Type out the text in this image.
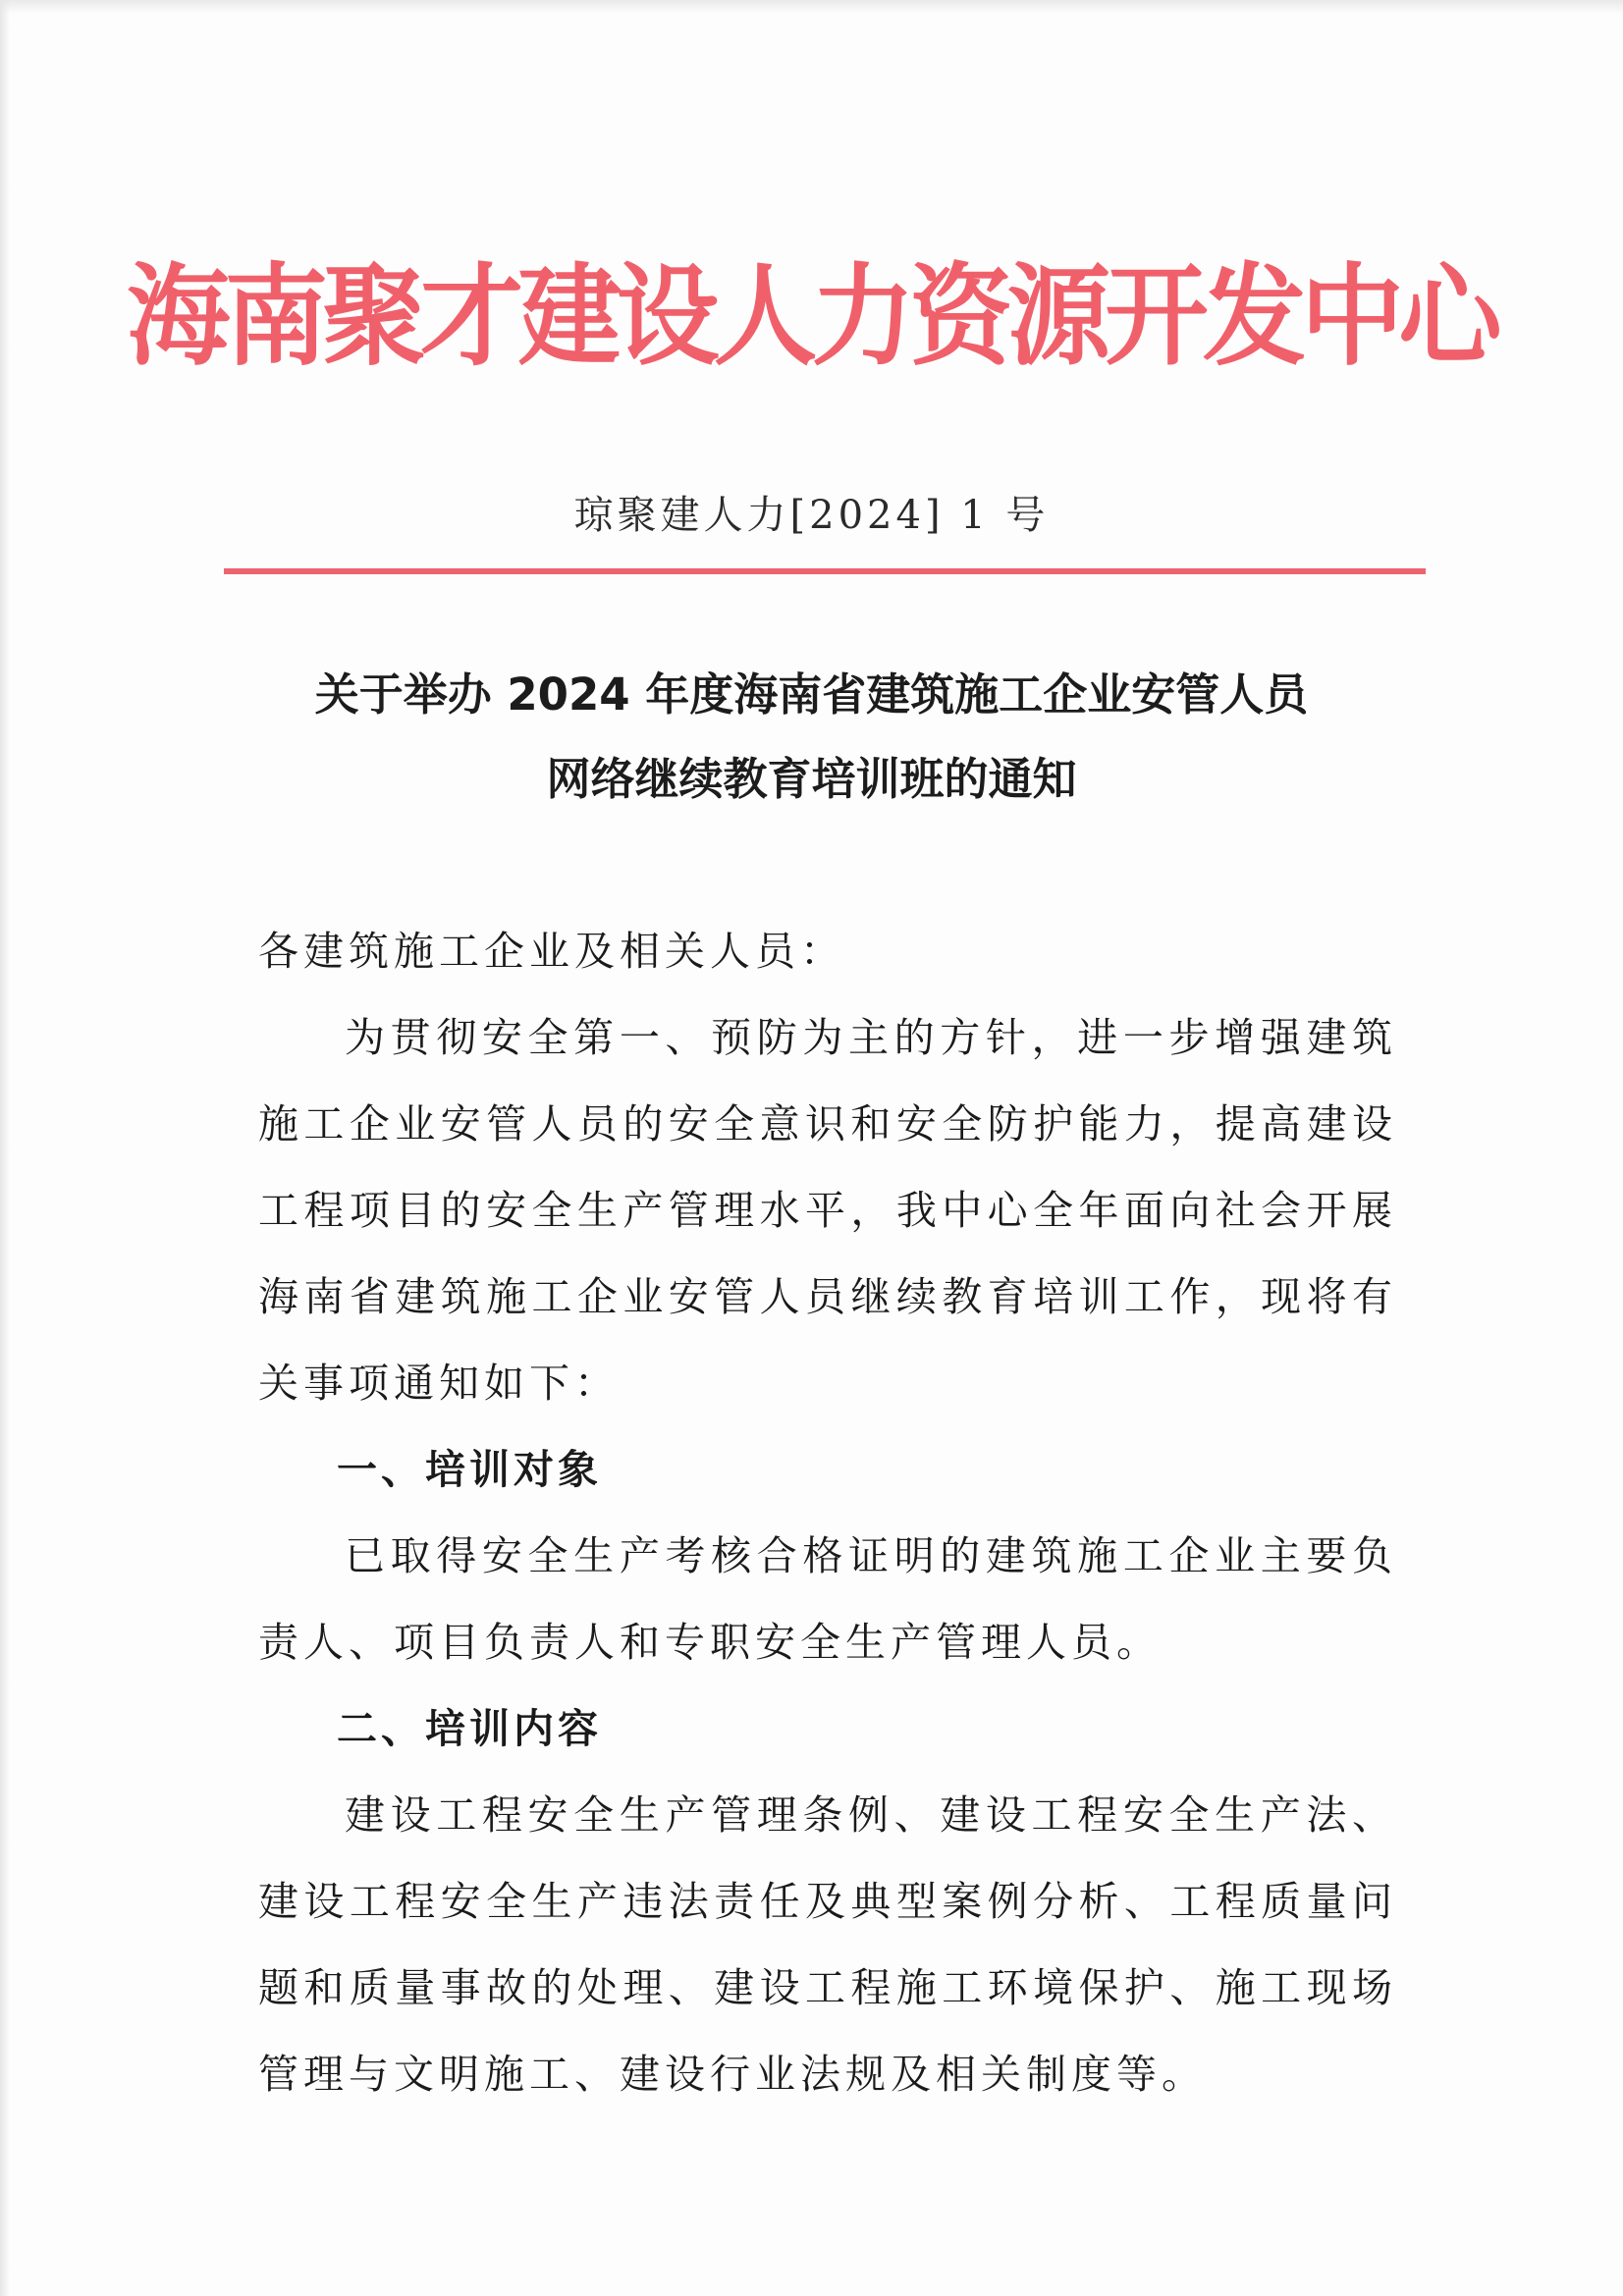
海南聚才建设人力资源开发中心
琼聚建人力[2024] 1 号
关于举办 2024 年度海南省建筑施工企业安管人员
网络继续教育培训班的通知

各建筑施工企业及相关人员：

为贯彻安全第一、预防为主的方针，进一步增强建筑施工企业安管人员的安全意识和安全防护能力，提高建设工程项目的安全生产管理水平，我中心全年面向社会开展海南省建筑施工企业安管人员继续教育培训工作，现将有关事项通知如下：

一、培训对象

已取得安全生产考核合格证明的建筑施工企业主要负责人、项目负责人和专职安全生产管理人员。

二、培训内容

建设工程安全生产管理条例、建设工程安全生产法、建设工程安全生产违法责任及典型案例分析、工程质量问题和质量事故的处理、建设工程施工环境保护、施工现场管理与文明施工、建设行业法规及相关制度等。
